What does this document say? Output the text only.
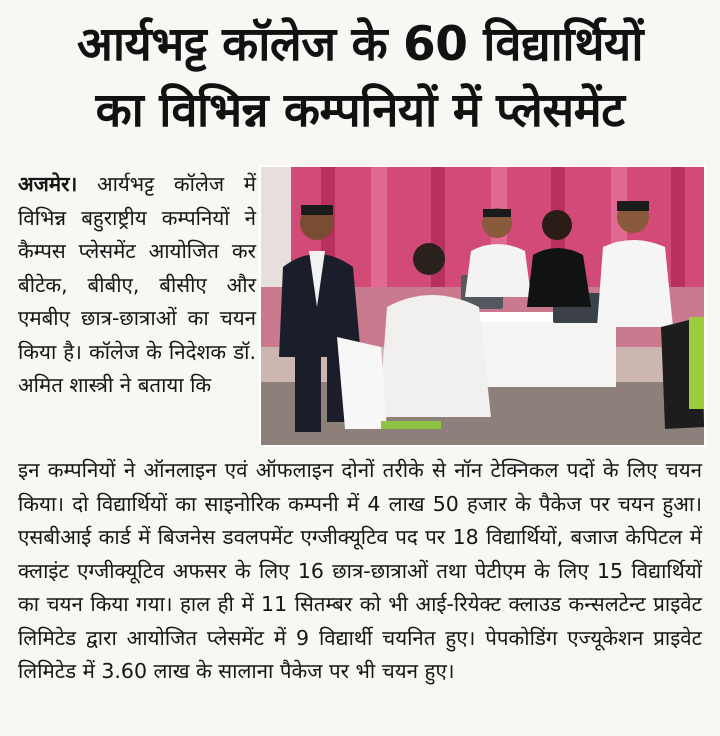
आर्यभट्ट कॉलेज के 60 विद्यार्थियों
का विभिन्न कम्पनियों में प्लेसमेंट
अजमेर। आर्यभट्ट कॉलेज में विभिन्न बहुराष्ट्रीय कम्पनियों ने कैम्पस प्लेसमेंट आयोजित कर बीटेक, बीबीए, बीसीए और एमबीए छात्र-छात्राओं का चयन किया है। कॉलेज के निदेशक डॉ. अमित शास्त्री ने बताया कि
इन कम्पनियों ने ऑनलाइन एवं ऑफलाइन दोनों तरीके से नॉन टेक्निकल पदों के लिए चयन किया। दो विद्यार्थियों का साइनोरिक कम्पनी में 4 लाख 50 हजार के पैकेज पर चयन हुआ। एसबीआई कार्ड में बिजनेस डवलपमेंट एग्जीक्यूटिव पद पर 18 विद्यार्थियों, बजाज केपिटल में क्लाइंट एग्जीक्यूटिव अफसर के लिए 16 छात्र-छात्राओं तथा पेटीएम के लिए 15 विद्यार्थियों का चयन किया गया। हाल ही में 11 सितम्बर को भी आई-रियेक्ट क्लाउड कन्सलटेन्ट प्राइवेट लिमिटेड द्वारा आयोजित प्लेसमेंट में 9 विद्यार्थी चयनित हुए। पेपकोडिंग एज्यूकेशन प्राइवेट लिमिटेड में 3.60 लाख के सालाना पैकेज पर भी चयन हुए।
